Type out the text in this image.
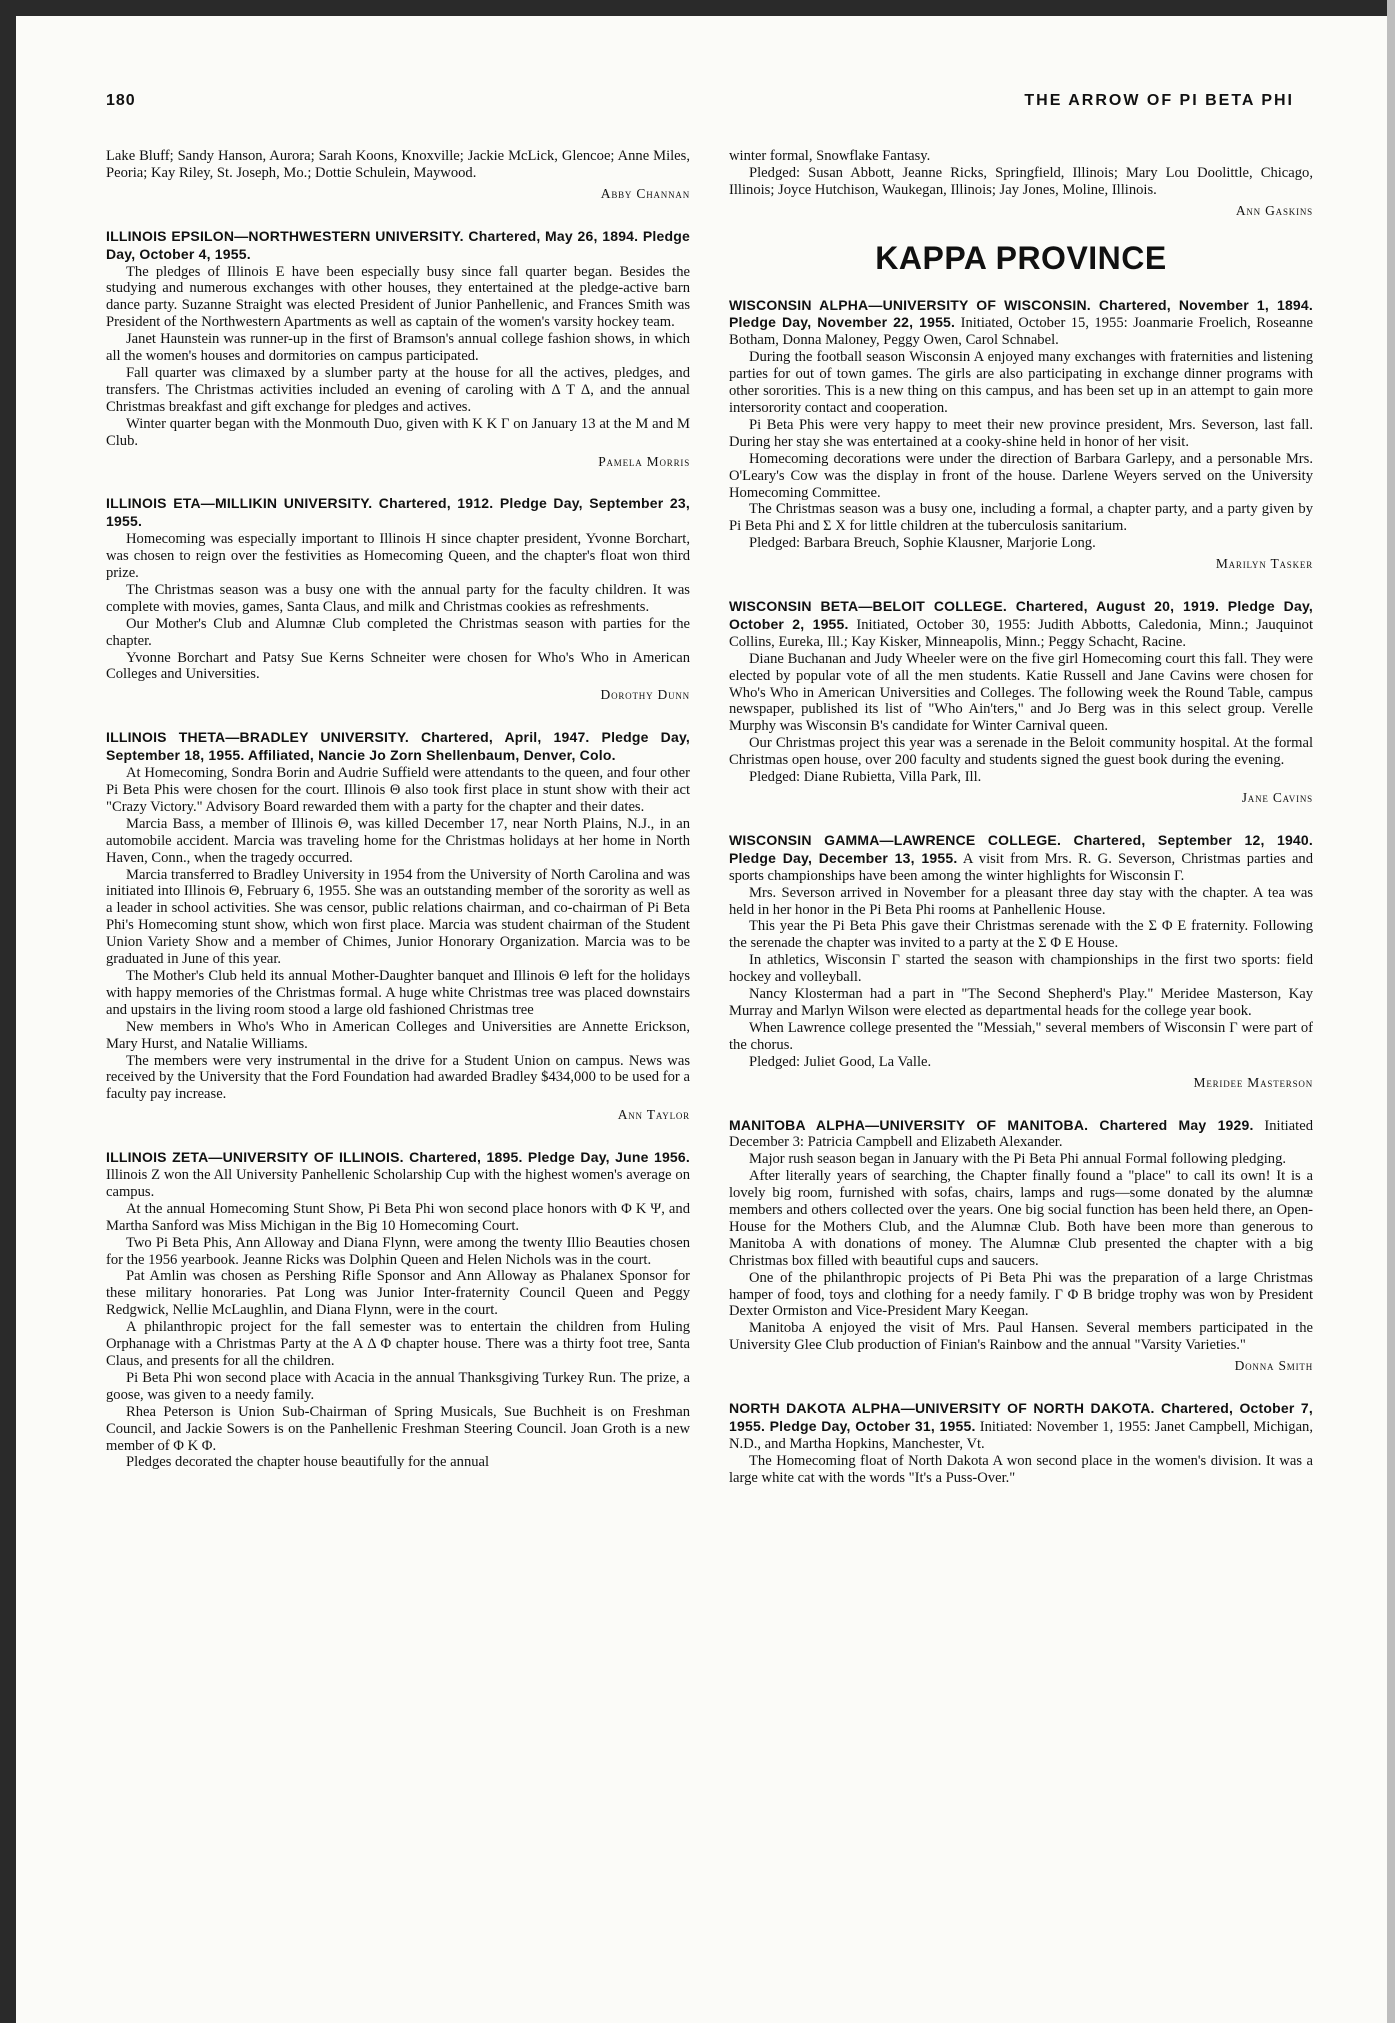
180	THE ARROW OF PI BETA PHI

Lake Bluff; Sandy Hanson, Aurora; Sarah Koons, Knoxville; Jackie McLick, Glencoe; Anne Miles, Peoria; Kay Riley, St. Joseph, Mo.; Dottie Schulein, Maywood.

Abby Channan

ILLINOIS EPSILON—NORTHWESTERN UNIVERSITY. Chartered, May 26, 1894. Pledge Day, October 4, 1955.

The pledges of Illinois E have been especially busy since fall quarter began. Besides the studying and numerous exchanges with other houses, they entertained at the pledge-active barn dance party. Suzanne Straight was elected President of Junior Panhellenic, and Frances Smith was President of the Northwestern Apartments as well as captain of the women's varsity hockey team.

Janet Haunstein was runner-up in the first of Bramson's annual college fashion shows, in which all the women's houses and dormitories on campus participated.

Fall quarter was climaxed by a slumber party at the house for all the actives, pledges, and transfers. The Christmas activities included an evening of caroling with Δ T Δ, and the annual Christmas breakfast and gift exchange for pledges and actives.

Winter quarter began with the Monmouth Duo, given with K K Γ on January 13 at the M and M Club.

Pamela Morris

ILLINOIS ETA—MILLIKIN UNIVERSITY. Chartered, 1912. Pledge Day, September 23, 1955.

Homecoming was especially important to Illinois H since chapter president, Yvonne Borchart, was chosen to reign over the festivities as Homecoming Queen, and the chapter's float won third prize.

The Christmas season was a busy one with the annual party for the faculty children. It was complete with movies, games, Santa Claus, and milk and Christmas cookies as refreshments.

Our Mother's Club and Alumnæ Club completed the Christmas season with parties for the chapter.

Yvonne Borchart and Patsy Sue Kerns Schneiter were chosen for Who's Who in American Colleges and Universities.

Dorothy Dunn

ILLINOIS THETA—BRADLEY UNIVERSITY. Chartered, April, 1947. Pledge Day, September 18, 1955. Affiliated, Nancie Jo Zorn Shellenbaum, Denver, Colo.

At Homecoming, Sondra Borin and Audrie Suffield were attendants to the queen, and four other Pi Beta Phis were chosen for the court. Illinois Θ also took first place in stunt show with their act "Crazy Victory." Advisory Board rewarded them with a party for the chapter and their dates.

Marcia Bass, a member of Illinois Θ, was killed December 17, near North Plains, N.J., in an automobile accident. Marcia was traveling home for the Christmas holidays at her home in North Haven, Conn., when the tragedy occurred.

Marcia transferred to Bradley University in 1954 from the University of North Carolina and was initiated into Illinois Θ, February 6, 1955. She was an outstanding member of the sorority as well as a leader in school activities. She was censor, public relations chairman, and co-chairman of Pi Beta Phi's Homecoming stunt show, which won first place. Marcia was student chairman of the Student Union Variety Show and a member of Chimes, Junior Honorary Organization. Marcia was to be graduated in June of this year.

The Mother's Club held its annual Mother-Daughter banquet and Illinois Θ left for the holidays with happy memories of the Christmas formal. A huge white Christmas tree was placed downstairs and upstairs in the living room stood a large old fashioned Christmas tree

New members in Who's Who in American Colleges and Universities are Annette Erickson, Mary Hurst, and Natalie Williams.

The members were very instrumental in the drive for a Student Union on campus. News was received by the University that the Ford Foundation had awarded Bradley $434,000 to be used for a faculty pay increase.

Ann Taylor

ILLINOIS ZETA—UNIVERSITY OF ILLINOIS. Chartered, 1895. Pledge Day, June 1956. Illinois Z won the All University Panhellenic Scholarship Cup with the highest women's average on campus.

At the annual Homecoming Stunt Show, Pi Beta Phi won second place honors with Φ K Ψ, and Martha Sanford was Miss Michigan in the Big 10 Homecoming Court.

Two Pi Beta Phis, Ann Alloway and Diana Flynn, were among the twenty Illio Beauties chosen for the 1956 yearbook. Jeanne Ricks was Dolphin Queen and Helen Nichols was in the court.

Pat Amlin was chosen as Pershing Rifle Sponsor and Ann Alloway as Phalanex Sponsor for these military honoraries. Pat Long was Junior Inter-fraternity Council Queen and Peggy Redgwick, Nellie McLaughlin, and Diana Flynn, were in the court.

A philanthropic project for the fall semester was to entertain the children from Huling Orphanage with a Christmas Party at the A Δ Φ chapter house. There was a thirty foot tree, Santa Claus, and presents for all the children.

Pi Beta Phi won second place with Acacia in the annual Thanksgiving Turkey Run. The prize, a goose, was given to a needy family.

Rhea Peterson is Union Sub-Chairman of Spring Musicals, Sue Buchheit is on Freshman Council, and Jackie Sowers is on the Panhellenic Freshman Steering Council. Joan Groth is a new member of Φ K Φ.

Pledges decorated the chapter house beautifully for the annual

winter formal, Snowflake Fantasy.

Pledged: Susan Abbott, Jeanne Ricks, Springfield, Illinois; Mary Lou Doolittle, Chicago, Illinois; Joyce Hutchison, Waukegan, Illinois; Jay Jones, Moline, Illinois.

Ann Gaskins
KAPPA PROVINCE

WISCONSIN ALPHA—UNIVERSITY OF WISCONSIN. Chartered, November 1, 1894. Pledge Day, November 22, 1955. Initiated, October 15, 1955: Joanmarie Froelich, Roseanne Botham, Donna Maloney, Peggy Owen, Carol Schnabel.

During the football season Wisconsin A enjoyed many exchanges with fraternities and listening parties for out of town games. The girls are also participating in exchange dinner programs with other sororities. This is a new thing on this campus, and has been set up in an attempt to gain more intersorority contact and cooperation.

Pi Beta Phis were very happy to meet their new province president, Mrs. Severson, last fall. During her stay she was entertained at a cooky-shine held in honor of her visit.

Homecoming decorations were under the direction of Barbara Garlepy, and a personable Mrs. O'Leary's Cow was the display in front of the house. Darlene Weyers served on the University Homecoming Committee.

The Christmas season was a busy one, including a formal, a chapter party, and a party given by Pi Beta Phi and Σ X for little children at the tuberculosis sanitarium.

Pledged: Barbara Breuch, Sophie Klausner, Marjorie Long.

Marilyn Tasker

WISCONSIN BETA—BELOIT COLLEGE. Chartered, August 20, 1919. Pledge Day, October 2, 1955. Initiated, October 30, 1955: Judith Abbotts, Caledonia, Minn.; Jauquinot Collins, Eureka, Ill.; Kay Kisker, Minneapolis, Minn.; Peggy Schacht, Racine.

Diane Buchanan and Judy Wheeler were on the five girl Homecoming court this fall. They were elected by popular vote of all the men students. Katie Russell and Jane Cavins were chosen for Who's Who in American Universities and Colleges. The following week the Round Table, campus newspaper, published its list of "Who Ain'ters," and Jo Berg was in this select group. Verelle Murphy was Wisconsin B's candidate for Winter Carnival queen.

Our Christmas project this year was a serenade in the Beloit community hospital. At the formal Christmas open house, over 200 faculty and students signed the guest book during the evening.

Pledged: Diane Rubietta, Villa Park, Ill.

Jane Cavins

WISCONSIN GAMMA—LAWRENCE COLLEGE. Chartered, September 12, 1940. Pledge Day, December 13, 1955. A visit from Mrs. R. G. Severson, Christmas parties and sports championships have been among the winter highlights for Wisconsin Γ.

Mrs. Severson arrived in November for a pleasant three day stay with the chapter. A tea was held in her honor in the Pi Beta Phi rooms at Panhellenic House.

This year the Pi Beta Phis gave their Christmas serenade with the Σ Φ E fraternity. Following the serenade the chapter was invited to a party at the Σ Φ E House.

In athletics, Wisconsin Γ started the season with championships in the first two sports: field hockey and volleyball.

Nancy Klosterman had a part in "The Second Shepherd's Play." Meridee Masterson, Kay Murray and Marlyn Wilson were elected as departmental heads for the college year book.

When Lawrence college presented the "Messiah," several members of Wisconsin Γ were part of the chorus.

Pledged: Juliet Good, La Valle.

Meridee Masterson

MANITOBA ALPHA—UNIVERSITY OF MANITOBA. Chartered May 1929. Initiated December 3: Patricia Campbell and Elizabeth Alexander.

Major rush season began in January with the Pi Beta Phi annual Formal following pledging.

After literally years of searching, the Chapter finally found a "place" to call its own! It is a lovely big room, furnished with sofas, chairs, lamps and rugs—some donated by the alumnæ members and others collected over the years. One big social function has been held there, an Open-House for the Mothers Club, and the Alumnæ Club. Both have been more than generous to Manitoba A with donations of money. The Alumnæ Club presented the chapter with a big Christmas box filled with beautiful cups and saucers.

One of the philanthropic projects of Pi Beta Phi was the preparation of a large Christmas hamper of food, toys and clothing for a needy family. Γ Φ B bridge trophy was won by President Dexter Ormiston and Vice-President Mary Keegan.

Manitoba A enjoyed the visit of Mrs. Paul Hansen. Several members participated in the University Glee Club production of Finian's Rainbow and the annual "Varsity Varieties."

Donna Smith

NORTH DAKOTA ALPHA—UNIVERSITY OF NORTH DAKOTA. Chartered, October 7, 1955. Pledge Day, October 31, 1955. Initiated: November 1, 1955: Janet Campbell, Michigan, N.D., and Martha Hopkins, Manchester, Vt.

The Homecoming float of North Dakota A won second place in the women's division. It was a large white cat with the words "It's a Puss-Over."
